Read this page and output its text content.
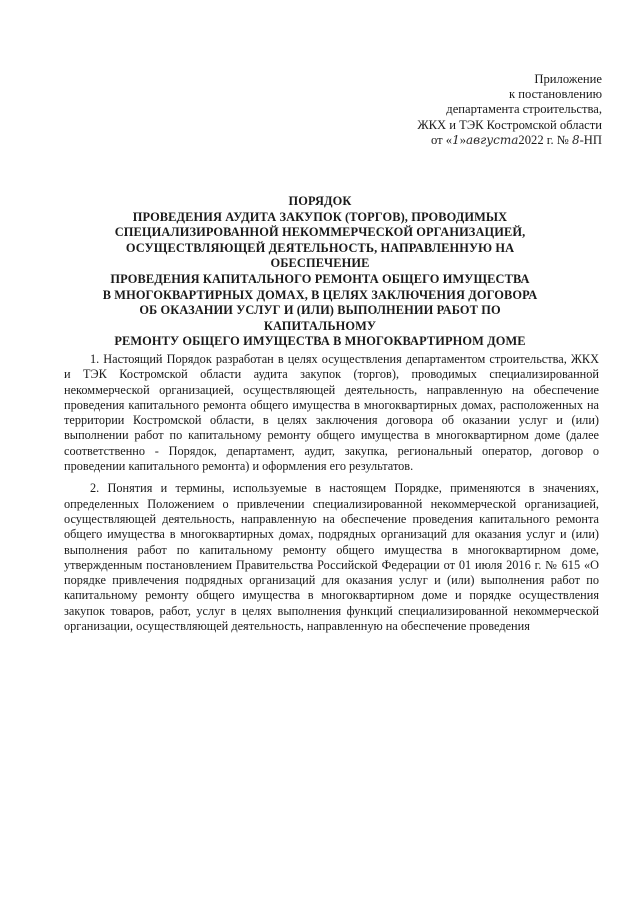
Приложение
к постановлению
департамента строительства,
ЖКХ и ТЭК Костромской области
от «1»августа2022 г. № 8-НП
ПОРЯДОК
ПРОВЕДЕНИЯ АУДИТА ЗАКУПОК (ТОРГОВ), ПРОВОДИМЫХ
СПЕЦИАЛИЗИРОВАННОЙ НЕКОММЕРЧЕСКОЙ ОРГАНИЗАЦИЕЙ,
ОСУЩЕСТВЛЯЮЩЕЙ ДЕЯТЕЛЬНОСТЬ, НАПРАВЛЕННУЮ НА
ОБЕСПЕЧЕНИЕ
ПРОВЕДЕНИЯ КАПИТАЛЬНОГО РЕМОНТА ОБЩЕГО ИМУЩЕСТВА
В МНОГОКВАРТИРНЫХ ДОМАХ, В ЦЕЛЯХ ЗАКЛЮЧЕНИЯ ДОГОВОРА
ОБ ОКАЗАНИИ УСЛУГ И (ИЛИ) ВЫПОЛНЕНИИ РАБОТ ПО
КАПИТАЛЬНОМУ
РЕМОНТУ ОБЩЕГО ИМУЩЕСТВА В МНОГОКВАРТИРНОМ ДОМЕ

1. Настоящий Порядок разработан в целях осуществления департаментом строительства, ЖКХ и ТЭК Костромской области аудита закупок (торгов), проводимых специализированной некоммерческой организацией, осуществляющей деятельность, направленную на обеспечение проведения капитального ремонта общего имущества в многоквартирных домах, расположенных на территории Костромской области, в целях заключения договора об оказании услуг и (или) выполнении работ по капитальному ремонту общего имущества в многоквартирном доме (далее соответственно - Порядок, департамент, аудит, закупка, региональный оператор, договор о проведении капитального ремонта) и оформления его результатов.

2. Понятия и термины, используемые в настоящем Порядке, применяются в значениях, определенных Положением о привлечении специализированной некоммерческой организацией, осуществляющей деятельность, направленную на обеспечение проведения капитального ремонта общего имущества в многоквартирных домах, подрядных организаций для оказания услуг и (или) выполнения работ по капитальному ремонту общего имущества в многоквартирном доме, утвержденным постановлением Правительства Российской Федерации от 01 июля 2016 г. № 615 «О порядке привлечения подрядных организаций для оказания услуг и (или) выполнения работ по капитальному ремонту общего имущества в многоквартирном доме и порядке осуществления закупок товаров, работ, услуг в целях выполнения функций специализированной некоммерческой организации, осуществляющей деятельность, направленную на обеспечение проведения
